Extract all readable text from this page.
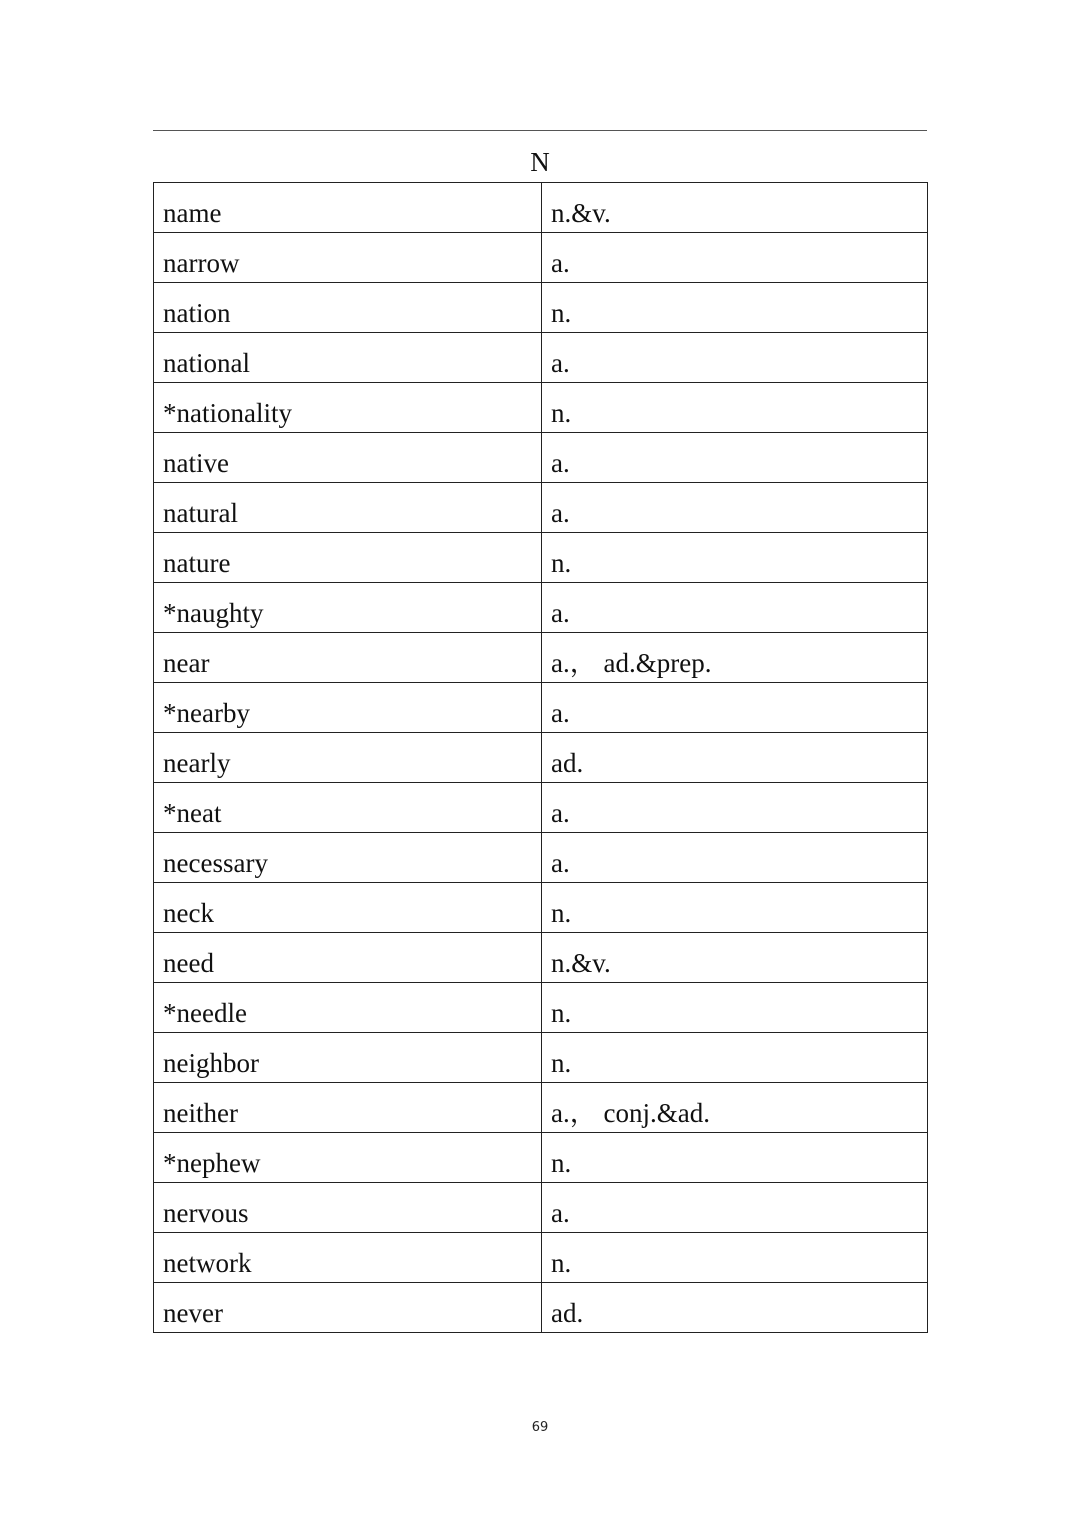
N
name	n.&v.
narrow	a.
nation	n.
national	a.
*nationality	n.
native	a.
natural	a.
nature	n.
*naughty	a.
near	a.， ad.&prep.
*nearby	a.
nearly	ad.
*neat	a.
necessary	a.
neck	n.
need	n.&v.
*needle	n.
neighbor	n.
neither	a.， conj.&ad.
*nephew	n.
nervous	a.
network	n.
never	ad.
69
